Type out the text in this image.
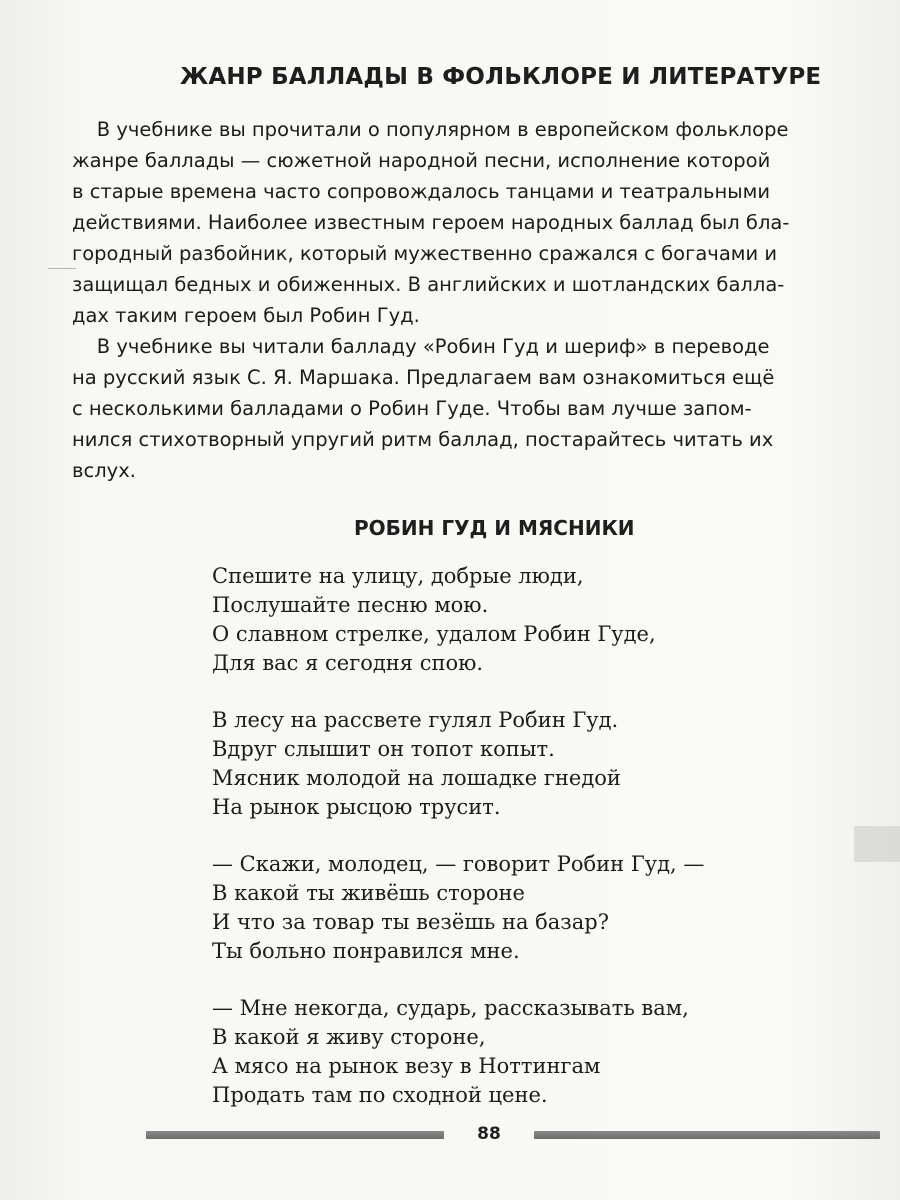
ЖАНР БАЛЛАДЫ В ФОЛЬКЛОРЕ И ЛИТЕРАТУРЕ
В учебнике вы прочитали о популярном в европейском фольклоре
жанре баллады — сюжетной народной песни, исполнение которой
в старые времена часто сопровождалось танцами и театральными
действиями. Наиболее известным героем народных баллад был бла-
городный разбойник, который мужественно сражался с богачами и
защищал бедных и обиженных. В английских и шотландских балла-
дах таким героем был Робин Гуд.
В учебнике вы читали балладу «Робин Гуд и шериф» в переводе
на русский язык С. Я. Маршака. Предлагаем вам ознакомиться ещё
с несколькими балладами о Робин Гуде. Чтобы вам лучше запом-
нился стихотворный упругий ритм баллад, постарайтесь читать их
вслух.
РОБИН ГУД И МЯСНИКИ
Спешите на улицу, добрые люди,
Послушайте песню мою.
О славном стрелке, удалом Робин Гуде,
Для вас я сегодня спою.
В лесу на рассвете гулял Робин Гуд.
Вдруг слышит он топот копыт.
Мясник молодой на лошадке гнедой
На рынок рысцою трусит.
— Скажи, молодец, — говорит Робин Гуд, —
В какой ты живёшь стороне
И что за товар ты везёшь на базар?
Ты больно понравился мне.
— Мне некогда, сударь, рассказывать вам,
В какой я живу стороне,
А мясо на рынок везу в Ноттингам
Продать там по сходной цене.
88
